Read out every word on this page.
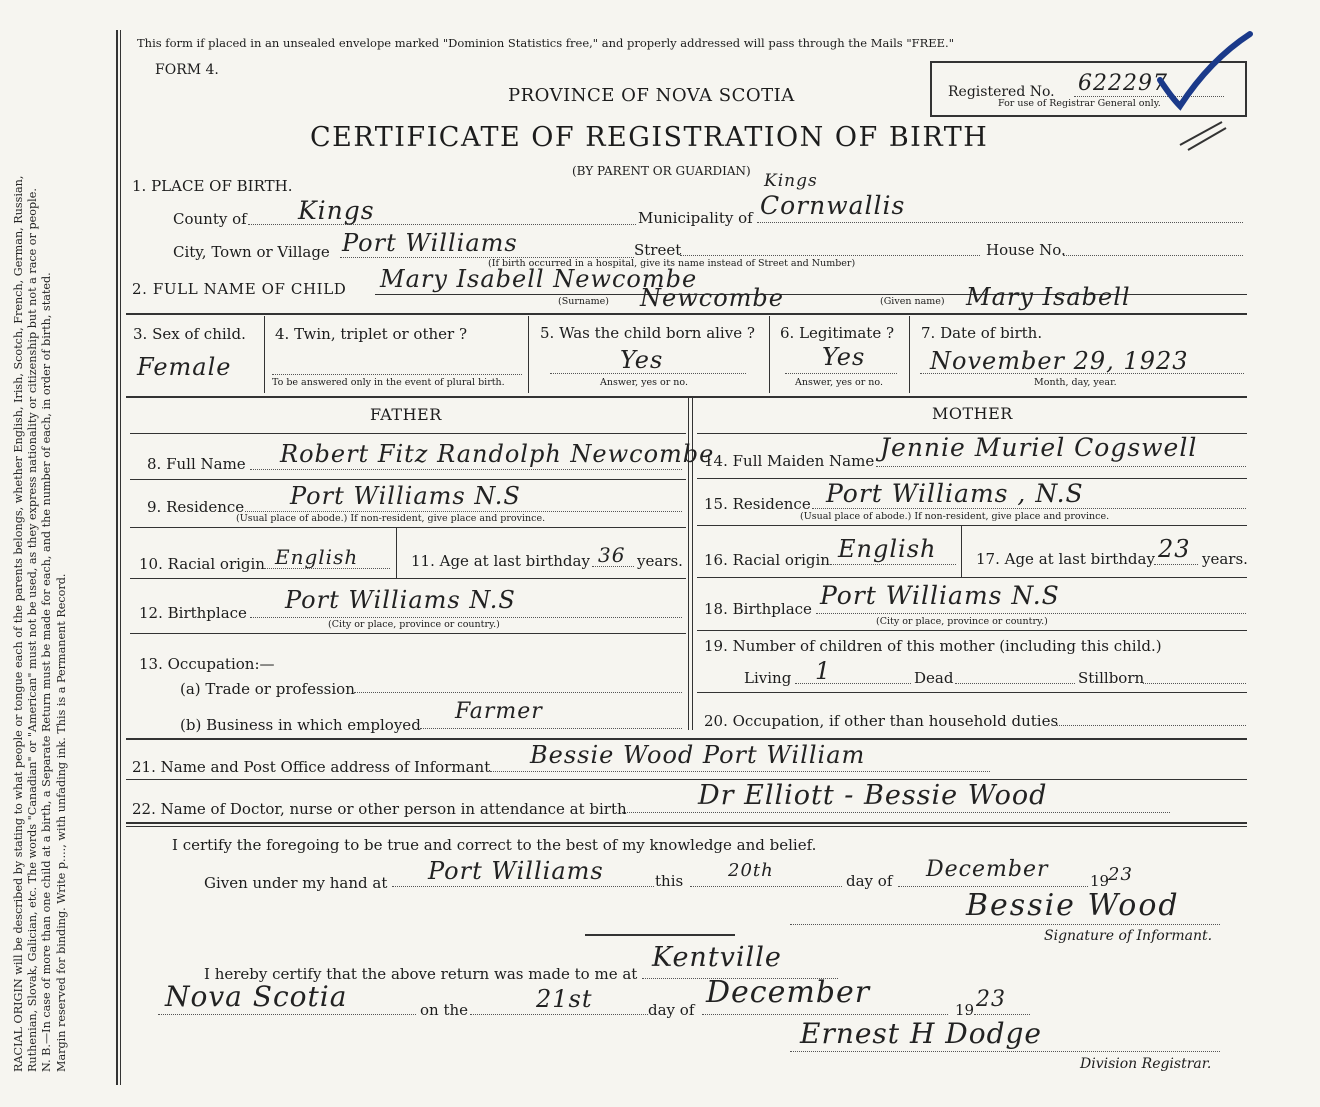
RACIAL ORIGIN will be described by stating to what people or tongue each of the parents belongs, whether English, Irish, Scotch, French, German, Russian, Ruthenian, Slovak, Galician, etc. The words "Canadian" or "American" must not be used, as they express nationality or citizenship but not a race or people. N. B.—In case of more than one child at a birth, a Separate Return must be made for each, and the number of each, in order of birth, stated. Margin reserved for binding. Write p...., with unfading ink. This is a Permanent Record.
This form if placed in an unsealed envelope marked "Dominion Statistics free," and properly addressed will pass through the Mails "FREE."
FORM 4.
PROVINCE OF NOVA SCOTIA
CERTIFICATE OF REGISTRATION OF BIRTH
(BY PARENT OR GUARDIAN)
Registered No. 622297
For use of Registrar General only.
1. PLACE OF BIRTH.
County of Kings	Municipality of Cornwallis
Kings
City, Town or Village Port Williams	Street	House No.
(If birth occurred in a hospital, give its name instead of Street and Number)
2. FULL NAME OF CHILD Mary Isabell Newcombe
(Surname) Newcombe	(Given name) Mary Isabell
3. Sex of child.
Female
4. Twin, triplet or other ?
To be answered only in the event of plural birth.
5. Was the child born alive ?
Yes
Answer, yes or no.
6. Legitimate ?
Yes
Answer, yes or no.
7. Date of birth.
November 29, 1923
Month, day, year.
FATHER	MOTHER
8. Full Name Robert Fitz Randolph Newcombe
9. Residence Port Williams N.S
(Usual place of abode.) If non-resident, give place and province.
10. Racial origin English	11. Age at last birthday 36 years.
12. Birthplace Port Williams N.S
(City or place, province or country.)
13. Occupation:—
(a) Trade or profession
(b) Business in which employed
Farmer
14. Full Maiden Name Jennie Muriel Cogswell
15. Residence Port Williams , N.S
(Usual place of abode.) If non-resident, give place and province.
16. Racial origin English	17. Age at last birthday 23 years.
18. Birthplace Port Williams N.S
(City or place, province or country.)
19. Number of children of this mother (including this child.)
Living 1	Dead	Stillborn
20. Occupation, if other than household duties
21. Name and Post Office address of Informant Bessie Wood Port William
22. Name of Doctor, nurse or other person in attendance at birth	Dr Elliott - Bessie Wood
I certify the foregoing to be true and correct to the best of my knowledge and belief.
Given under my hand at Port Williams	this 20th	day of December	19
23
Bessie Wood
Signature of Informant.
I hereby certify that the above return was made to me at
Kentville
Nova Scotia	on the	21st	day of December	19 23
Ernest H Dodge
Division Registrar.
